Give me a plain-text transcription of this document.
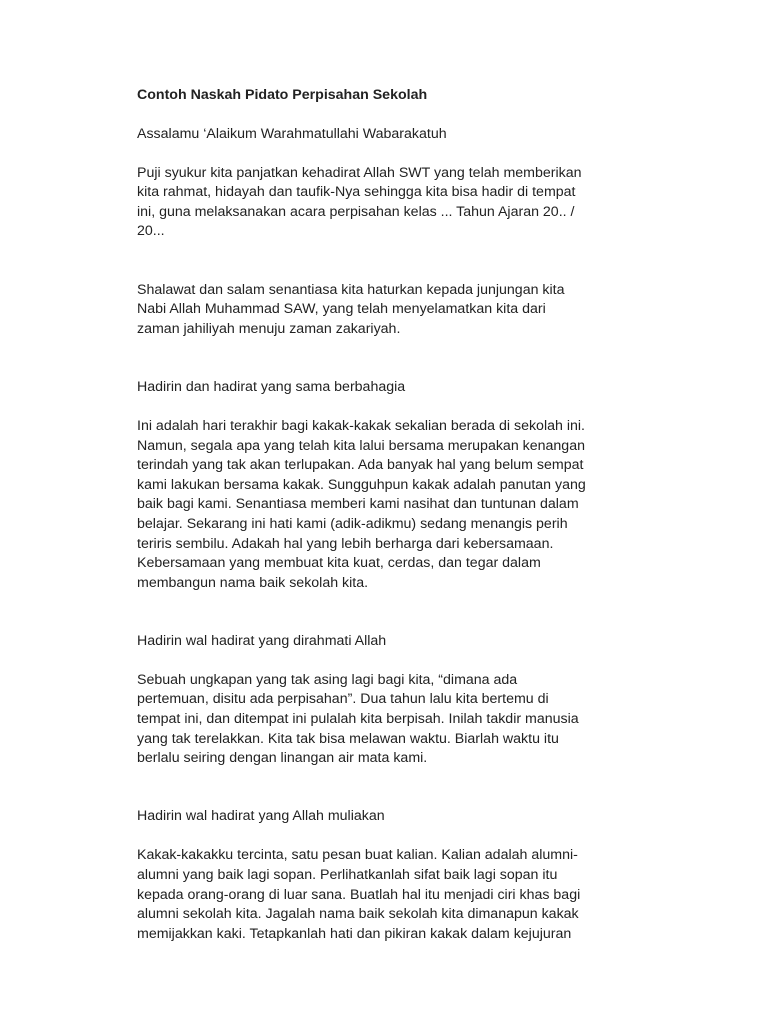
Contoh Naskah Pidato Perpisahan Sekolah
Assalamu ‘Alaikum Warahmatullahi Wabarakatuh
Puji syukur kita panjatkan kehadirat Allah SWT yang telah memberikan
kita rahmat, hidayah dan taufik-Nya sehingga kita bisa hadir di tempat
ini, guna melaksanakan acara perpisahan kelas ... Tahun Ajaran 20.. /
20...
Shalawat dan salam senantiasa kita haturkan kepada junjungan kita
Nabi Allah Muhammad SAW, yang telah menyelamatkan kita dari
zaman jahiliyah menuju zaman zakariyah.
Hadirin dan hadirat yang sama berbahagia
Ini adalah hari terakhir bagi kakak-kakak sekalian berada di sekolah ini.
Namun, segala apa yang telah kita lalui bersama merupakan kenangan
terindah yang tak akan terlupakan. Ada banyak hal yang belum sempat
kami lakukan bersama kakak. Sungguhpun kakak adalah panutan yang
baik bagi kami. Senantiasa memberi kami nasihat dan tuntunan dalam
belajar. Sekarang ini hati kami (adik-adikmu) sedang menangis perih
teriris sembilu. Adakah hal yang lebih berharga dari kebersamaan.
Kebersamaan yang membuat kita kuat, cerdas, dan tegar dalam
membangun nama baik sekolah kita.
Hadirin wal hadirat yang dirahmati Allah
Sebuah ungkapan yang tak asing lagi bagi kita, “dimana ada
pertemuan, disitu ada perpisahan”. Dua tahun lalu kita bertemu di
tempat ini, dan ditempat ini pulalah kita berpisah. Inilah takdir manusia
yang tak terelakkan. Kita tak bisa melawan waktu. Biarlah waktu itu
berlalu seiring dengan linangan air mata kami.
Hadirin wal hadirat yang Allah muliakan
Kakak-kakakku tercinta, satu pesan buat kalian. Kalian adalah alumni-
alumni yang baik lagi sopan. Perlihatkanlah sifat baik lagi sopan itu
kepada orang-orang di luar sana. Buatlah hal itu menjadi ciri khas bagi
alumni sekolah kita. Jagalah nama baik sekolah kita dimanapun kakak
memijakkan kaki. Tetapkanlah hati dan pikiran kakak dalam kejujuran
